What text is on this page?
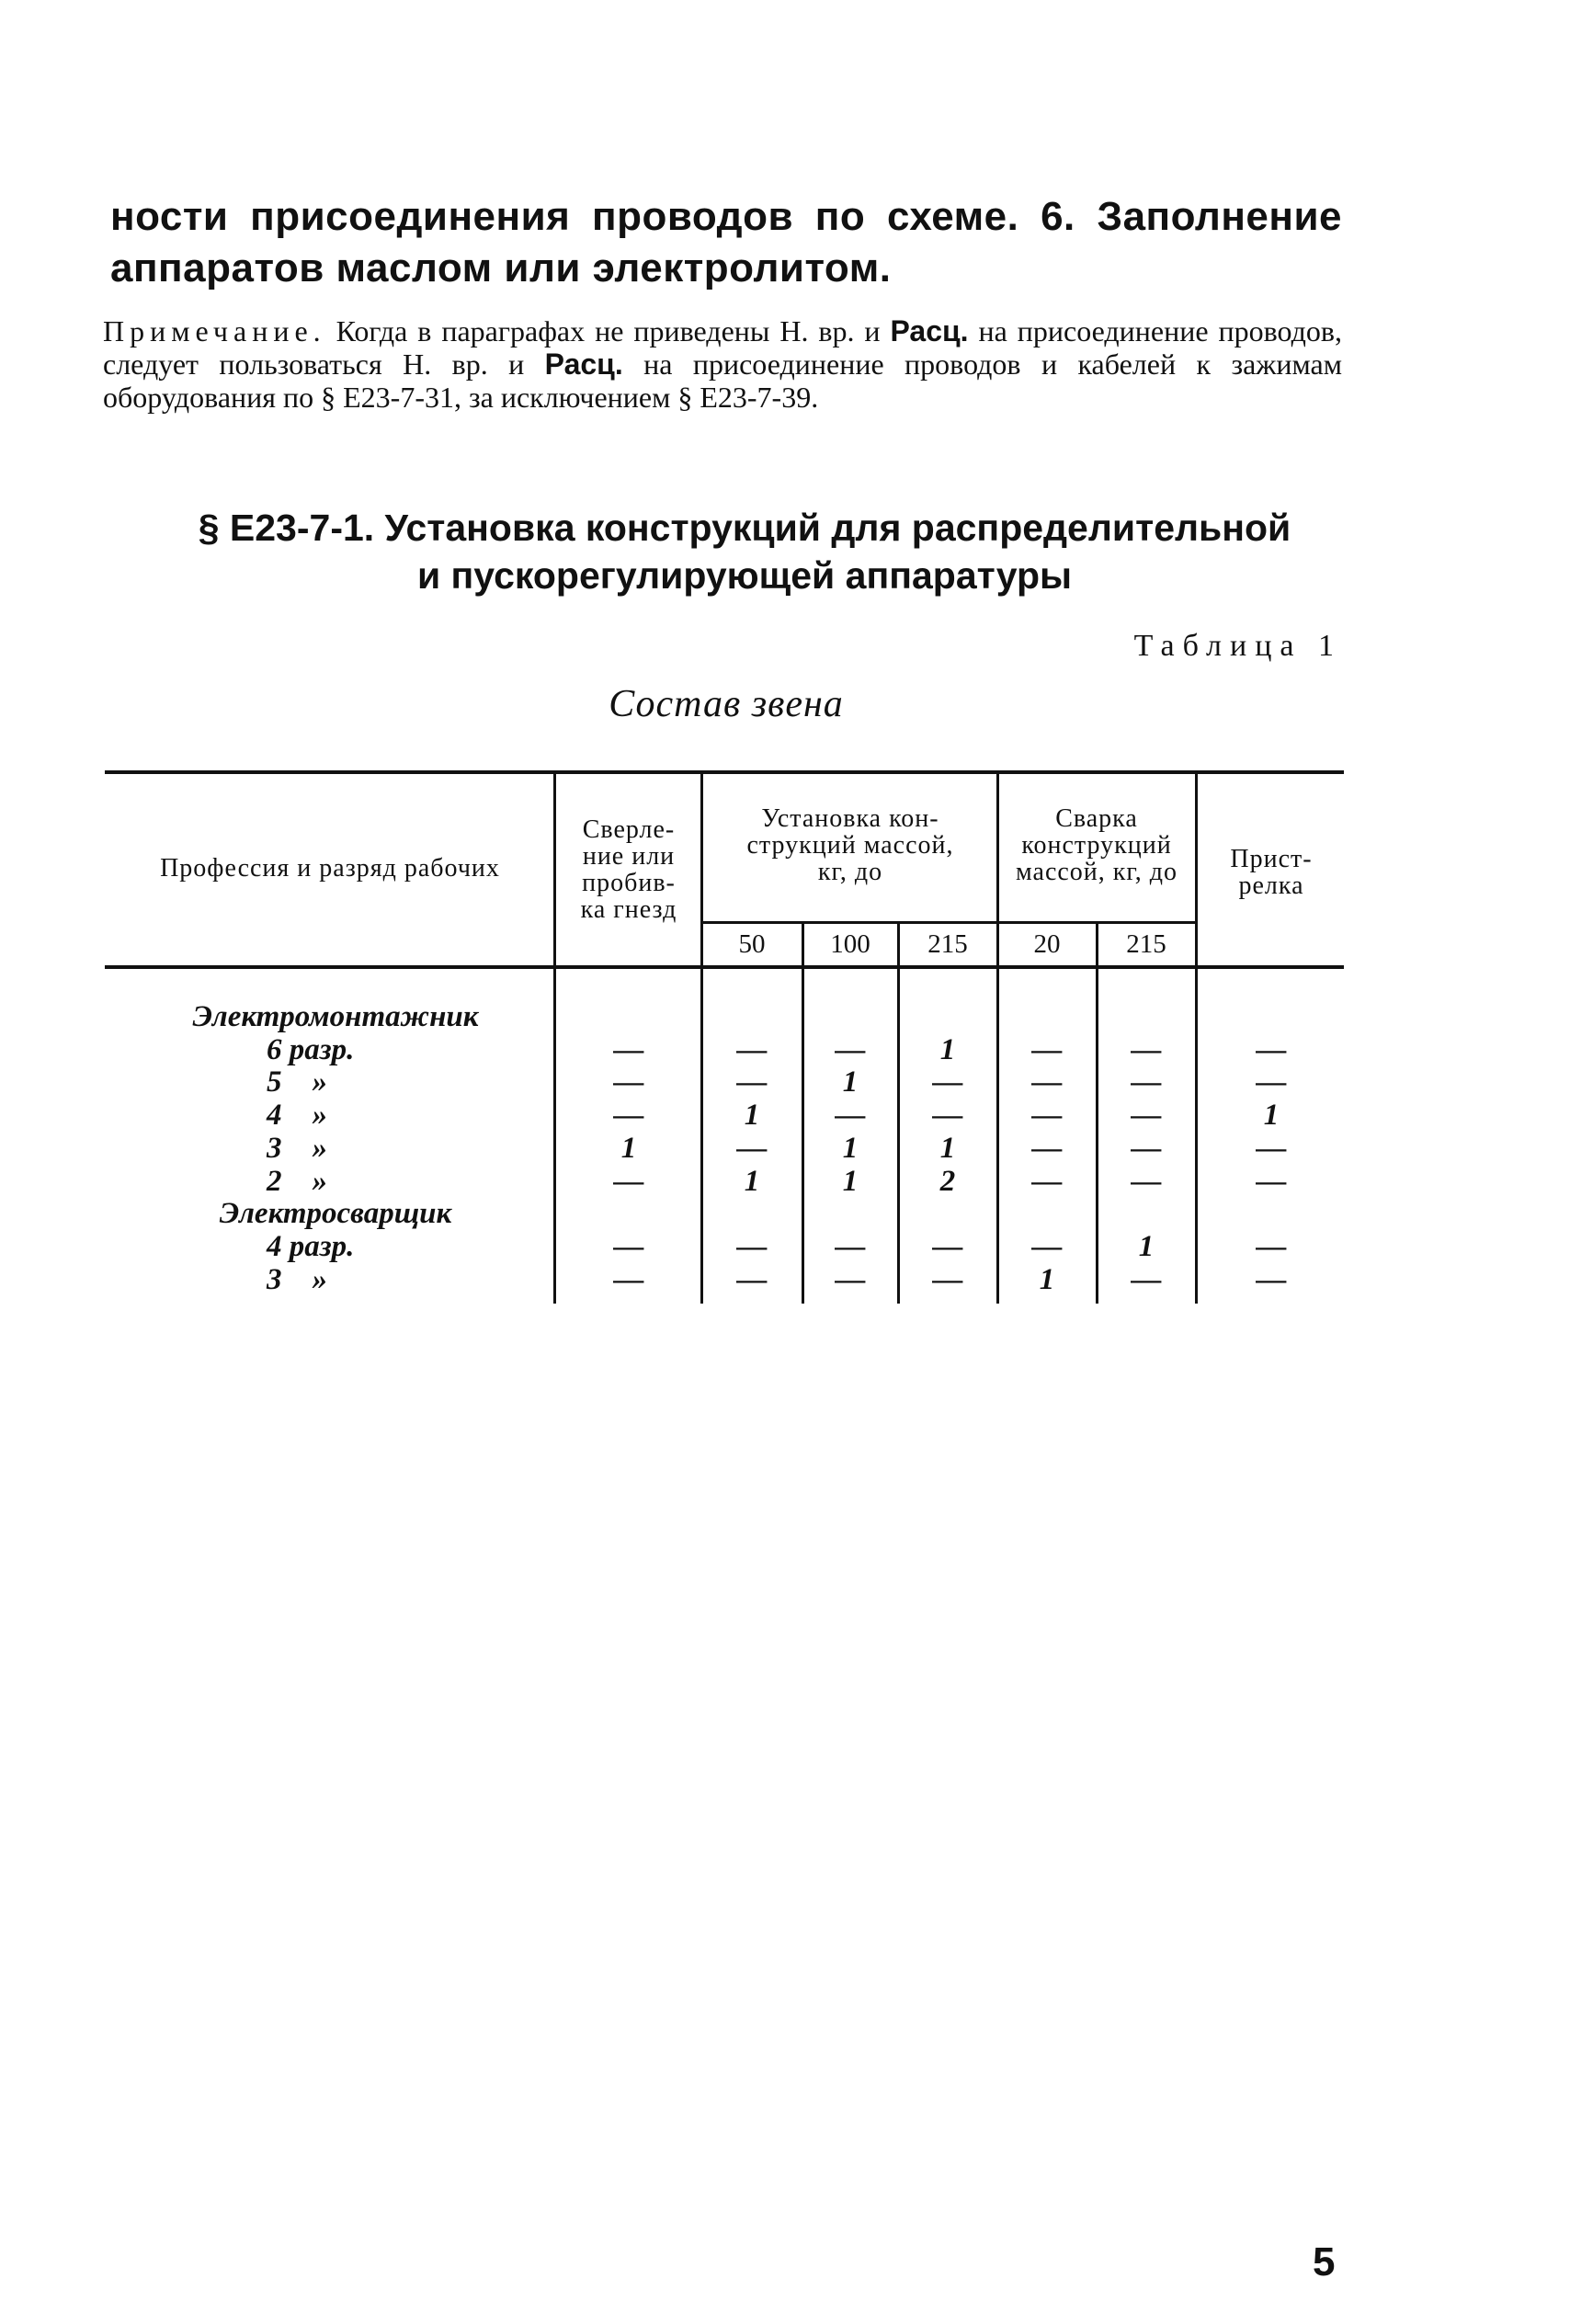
ности присоединения проводов по схеме. 6. Заполнение аппаратов маслом или электролитом.
Примечание. Когда в параграфах не приведены Н. вр. и Расц. на присоединение проводов, следует пользоваться Н. вр. и Расц. на присоединение проводов и кабелей к зажимам оборудования по § Е23-7-31, за исключением § Е23-7-39.
§ Е23-7-1. Установка конструкций для распределительной
и пускорегулирующей аппаратуры
Таблица 1
Состав звена
Профессия и разряд рабочих
Сверле-
ние или
пробив-
ка гнезд
Установка кон-
струкций массой,
кг, до
Сварка
конструкций
массой, кг, до	Прист-
релка
50	100	215	20	215
Электромонтажник
6 разр.	—	—	—	1	—	—	—
5    »	—	—	1	—	—	—	—
4    »	—	1	—	—	—	—	1
3    »	1	—	1	1	—	—	—
2    »	—	1	1	2	—	—	—
Электросварщик
4 разр.	—	—	—	—	—	1	—
3    »	—	—	—	—	1	—	—
5
